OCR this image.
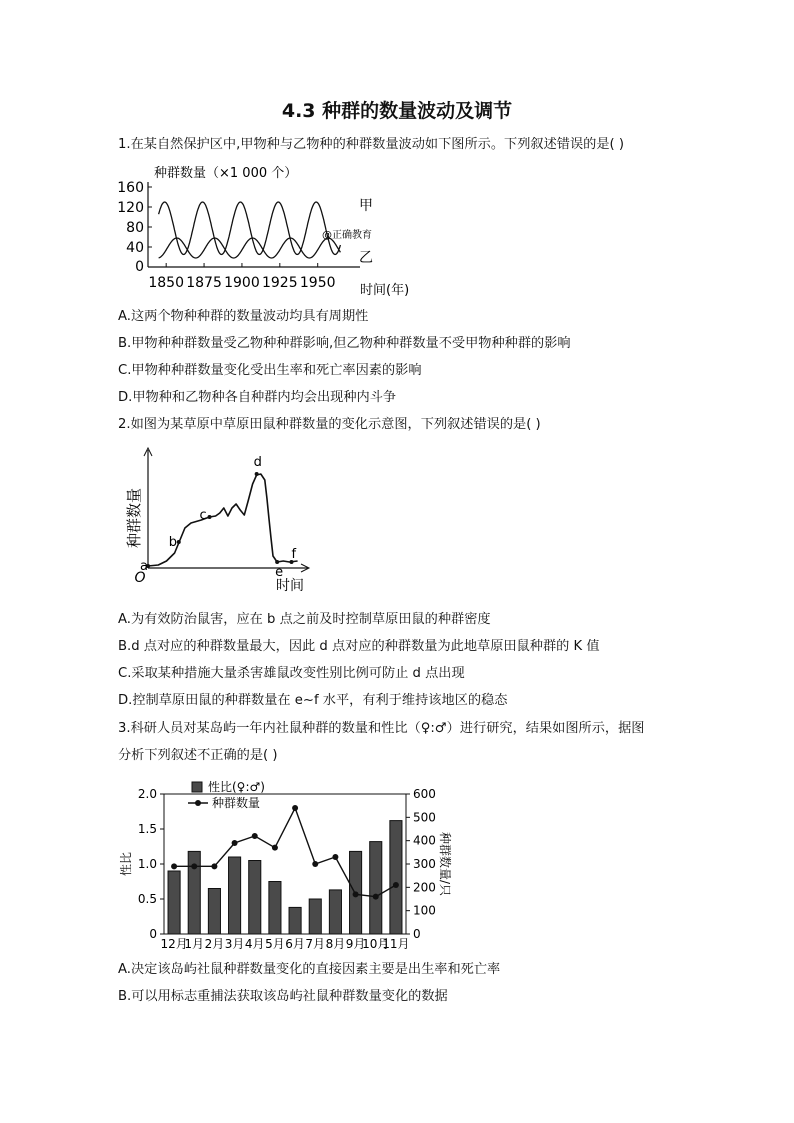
4.3 种群的数量波动及调节
1.在某自然保护区中,甲物种与乙物种的种群数量波动如下图所示。下列叙述错误的是( )
种群数量（×1 000 个）
40
80
120
160
0
1850 1875 1900 1925 1950 时间(年)
@正确教育
甲
乙
A.这两个物种种群的数量波动均具有周期性
B.甲物种种群数量受乙物种种群影响,但乙物种种群数量不受甲物种种群的影响
C.甲物种种群数量变化受出生率和死亡率因素的影响
D.甲物种和乙物种各自种群内均会出现种内斗争
2.如图为某草原中草原田鼠种群数量的变化示意图，下列叙述错误的是( )
O	时间
种群数量
a
b
c
d
e
f
A.为有效防治鼠害，应在 b 点之前及时控制草原田鼠的种群密度
B.d 点对应的种群数量最大，因此 d 点对应的种群数量为此地草原田鼠种群的 K 值
C.采取某种措施大量杀害雄鼠改变性别比例可防止 d 点出现
D.控制草原田鼠的种群数量在 e~f 水平，有利于维持该地区的稳态
3.科研人员对某岛屿一年内社鼠种群的数量和性比（♀:♂）进行研究，结果如图所示，据图
分析下列叙述不正确的是( )
0
0.5
1.0
1.5
2.0
0
100
200
300
400
500
600
性比	种群数量/只
12月
1月 2月 3月 4月 5月 6月 7月 8月 9月
10月
11月
性比(♀:♂)
种群数量
A.决定该岛屿社鼠种群数量变化的直接因素主要是出生率和死亡率
B.可以用标志重捕法获取该岛屿社鼠种群数量变化的数据
